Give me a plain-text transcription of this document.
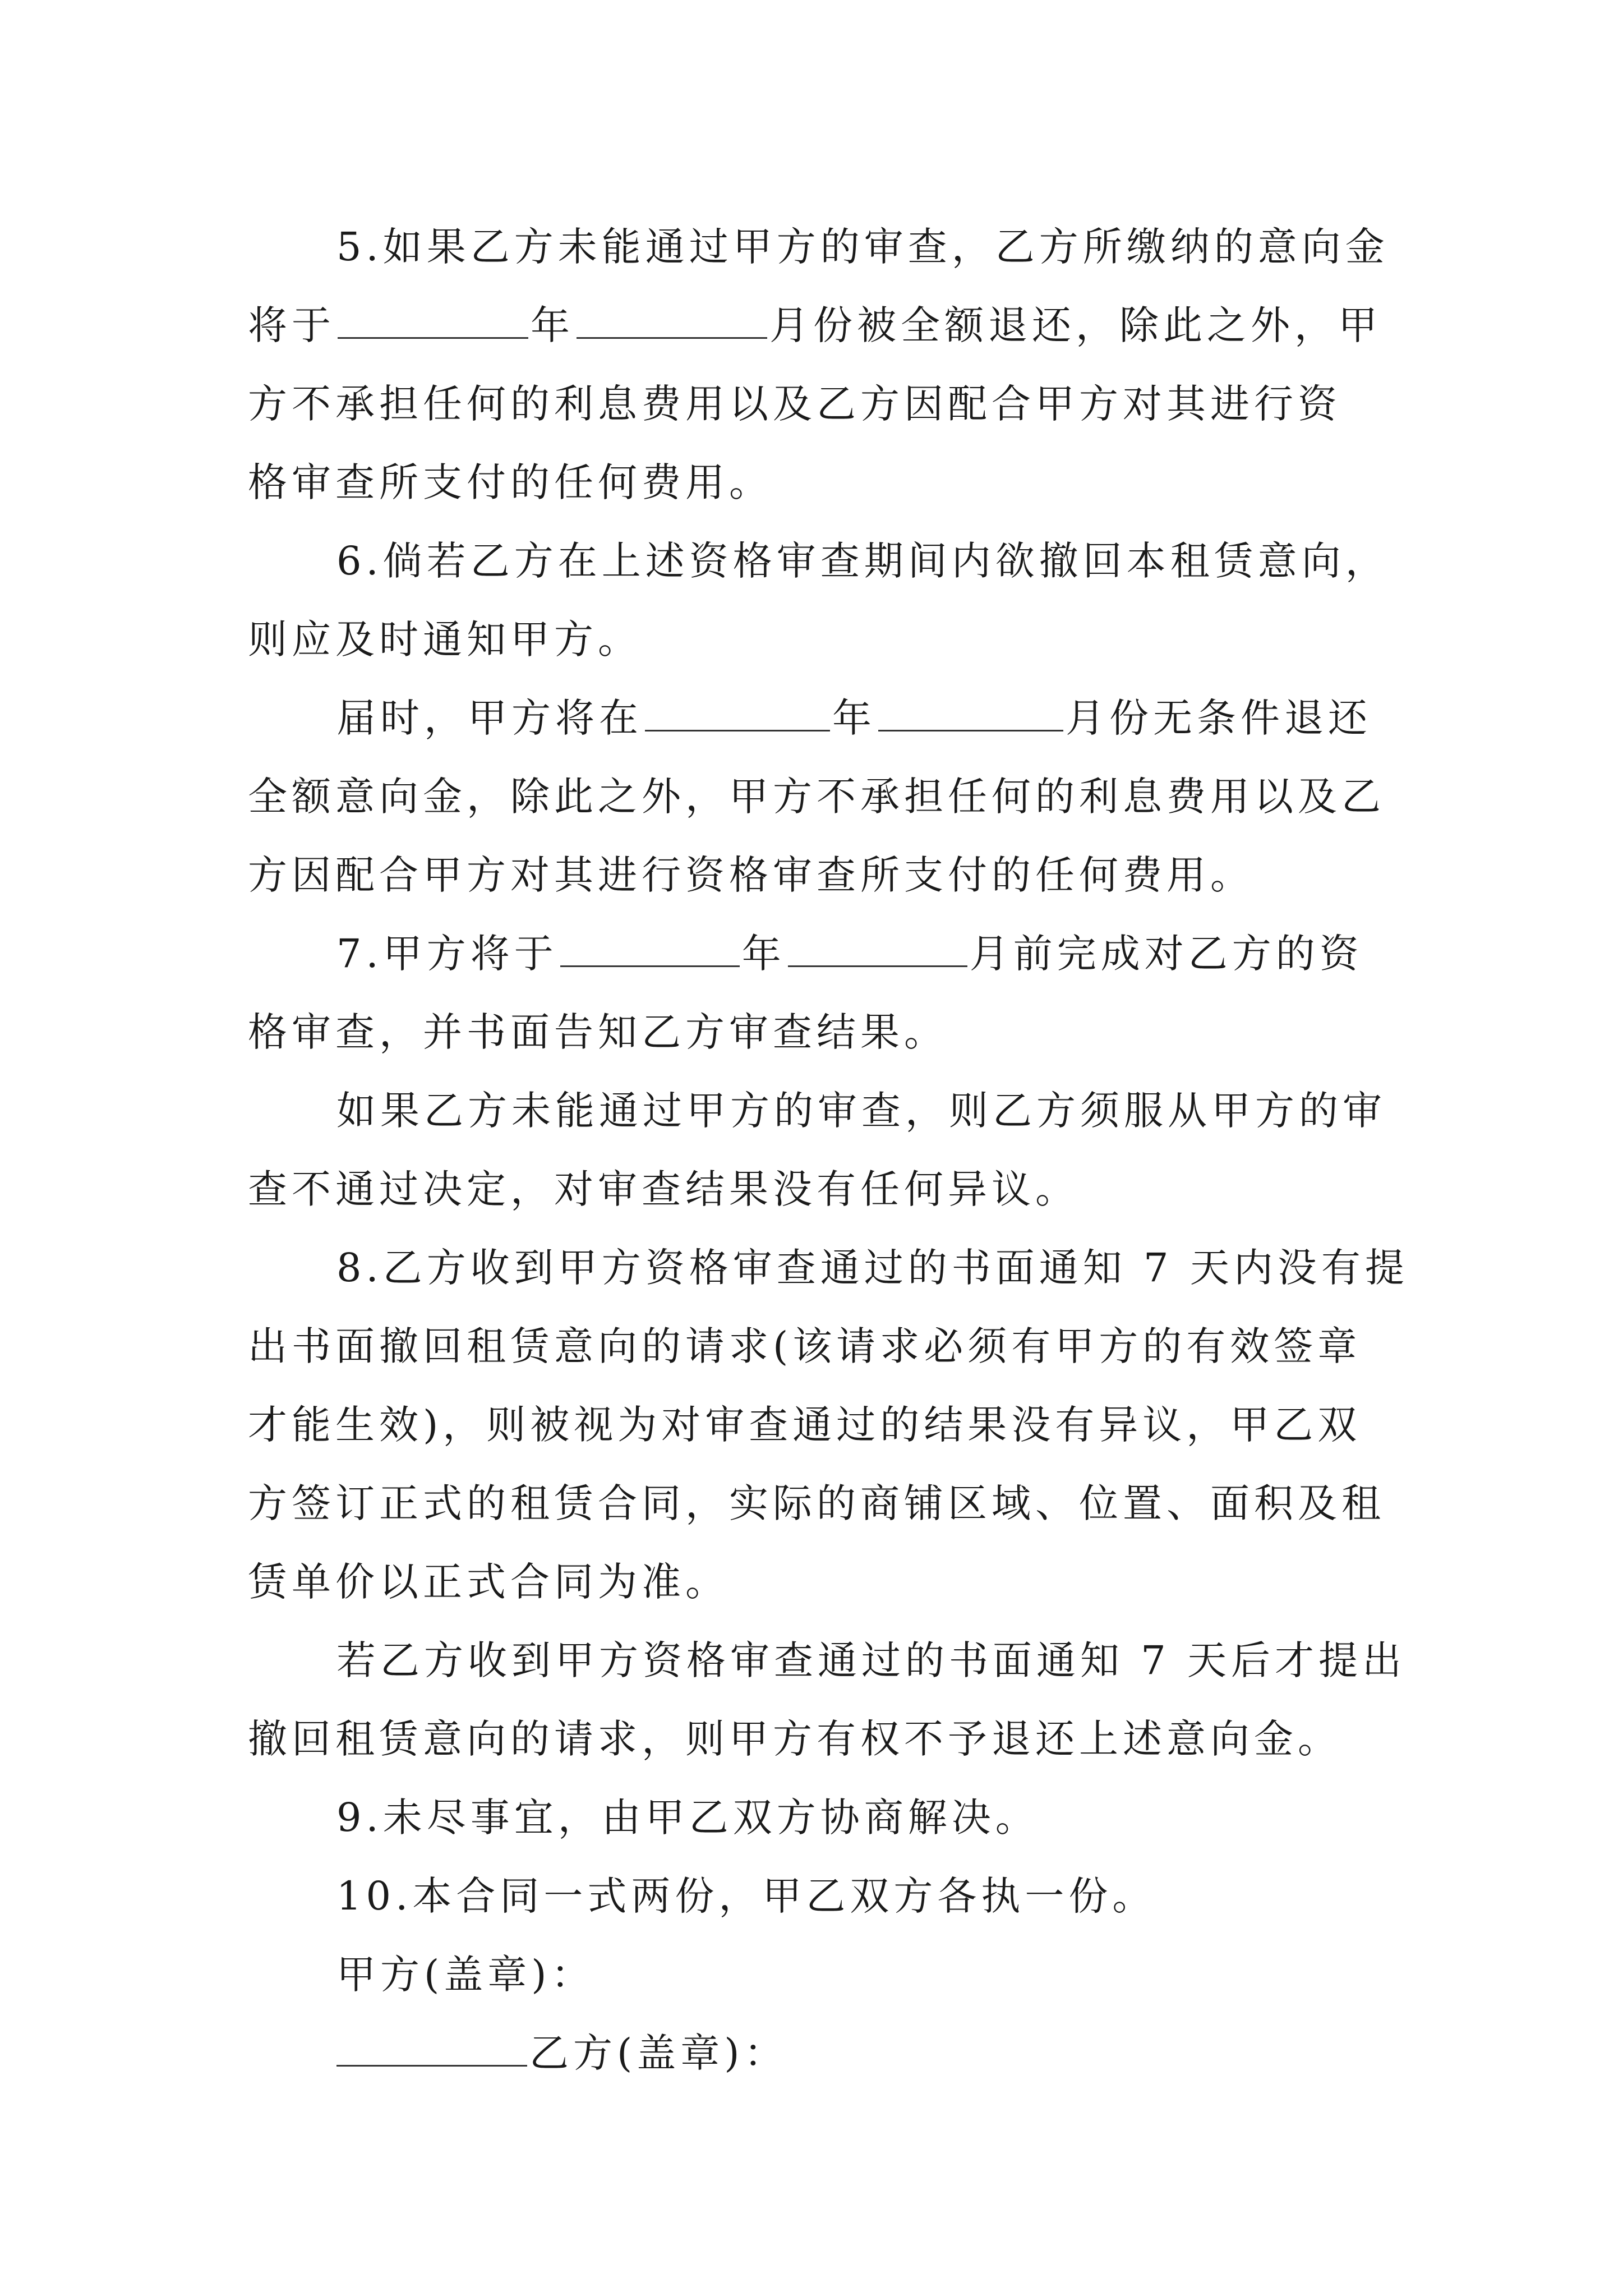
5.如果乙方未能通过甲方的审查，乙方所缴纳的意向金
将于	年	月份被全额退还，除此之外，甲
方不承担任何的利息费用以及乙方因配合甲方对其进行资
格审查所支付的任何费用。
6.倘若乙方在上述资格审查期间内欲撤回本租赁意向，
则应及时通知甲方。
届时，甲方将在	年	月份无条件退还
全额意向金，除此之外，甲方不承担任何的利息费用以及乙
方因配合甲方对其进行资格审查所支付的任何费用。
7.甲方将于	年	月前完成对乙方的资
格审查，并书面告知乙方审查结果。
如果乙方未能通过甲方的审查，则乙方须服从甲方的审
查不通过决定，对审查结果没有任何异议。
8.乙方收到甲方资格审查通过的书面通知 7 天内没有提
出书面撤回租赁意向的请求(该请求必须有甲方的有效签章
才能生效)，则被视为对审查通过的结果没有异议，甲乙双
方签订正式的租赁合同，实际的商铺区域、位置、面积及租
赁单价以正式合同为准。
若乙方收到甲方资格审查通过的书面通知 7 天后才提出
撤回租赁意向的请求，则甲方有权不予退还上述意向金。
9.未尽事宜，由甲乙双方协商解决。
10.本合同一式两份，甲乙双方各执一份。
甲方(盖章)：
乙方(盖章)：
